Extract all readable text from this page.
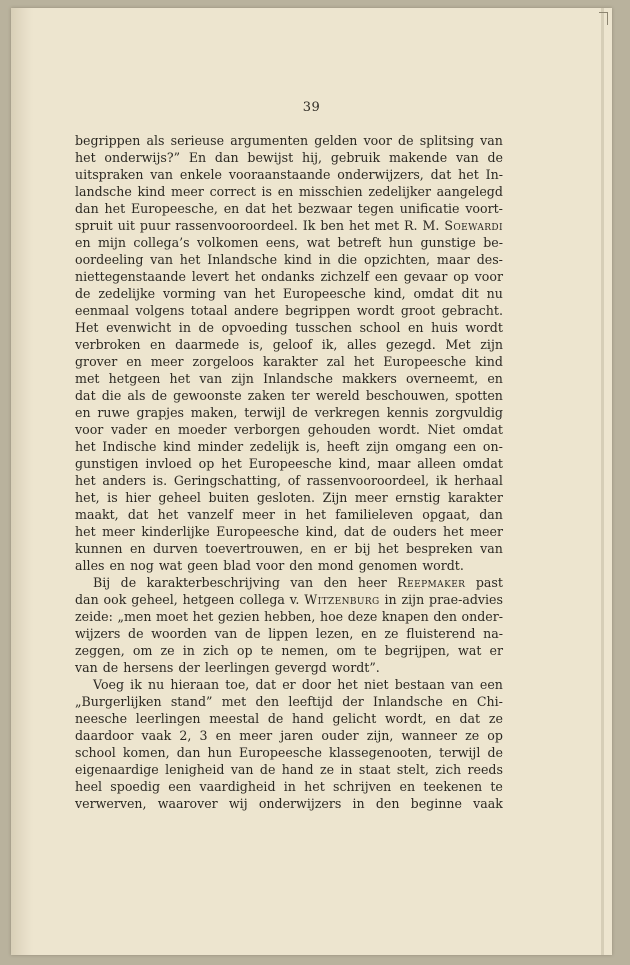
39
begrippen als serieuse argumenten gelden voor de splitsing van
het onderwijs?” En dan bewijst hij, gebruik makende van de
uitspraken van enkele vooraanstaande onderwijzers, dat het In-
landsche kind meer correct is en misschien zedelijker aangelegd
dan het Europeesche, en dat het bezwaar tegen unificatie voort-
spruit uit puur rassenvooroordeel. Ik ben het met R. M. Soewardi
en mijn collega’s volkomen eens, wat betreft hun gunstige be-
oordeeling van het Inlandsche kind in die opzichten, maar des-
niettegenstaande levert het ondanks zichzelf een gevaar op voor
de zedelijke vorming van het Europeesche kind, omdat dit nu
eenmaal volgens totaal andere begrippen wordt groot gebracht.
Het evenwicht in de opvoeding tusschen school en huis wordt
verbroken en daarmede is, geloof ik, alles gezegd. Met zijn
grover en meer zorgeloos karakter zal het Europeesche kind
met hetgeen het van zijn Inlandsche makkers overneemt, en
dat die als de gewoonste zaken ter wereld beschouwen, spotten
en ruwe grapjes maken, terwijl de verkregen kennis zorgvuldig
voor vader en moeder verborgen gehouden wordt. Niet omdat
het Indische kind minder zedelijk is, heeft zijn omgang een on-
gunstigen invloed op het Europeesche kind, maar alleen omdat
het anders is. Geringschatting, of rassenvooroordeel, ik herhaal
het, is hier geheel buiten gesloten. Zijn meer ernstig karakter
maakt, dat het vanzelf meer in het familieleven opgaat, dan
het meer kinderlijke Europeesche kind, dat de ouders het meer
kunnen en durven toevertrouwen, en er bij het bespreken van
alles en nog wat geen blad voor den mond genomen wordt.
Bij de karakterbeschrijving van den heer Reepmaker past
dan ook geheel, hetgeen collega v. Witzenburg in zijn prae-advies
zeide: „men moet het gezien hebben, hoe deze knapen den onder-
wijzers de woorden van de lippen lezen, en ze fluisterend na-
zeggen, om ze in zich op te nemen, om te begrijpen, wat er
van de hersens der leerlingen gevergd wordt”.
Voeg ik nu hieraan toe, dat er door het niet bestaan van een
„Burgerlijken stand” met den leeftijd der Inlandsche en Chi-
neesche leerlingen meestal de hand gelicht wordt, en dat ze
daardoor vaak 2, 3 en meer jaren ouder zijn, wanneer ze op
school komen, dan hun Europeesche klassegenooten, terwijl de
eigenaardige lenigheid van de hand ze in staat stelt, zich reeds
heel spoedig een vaardigheid in het schrijven en teekenen te
verwerven, waarover wij onderwijzers in den beginne vaak
